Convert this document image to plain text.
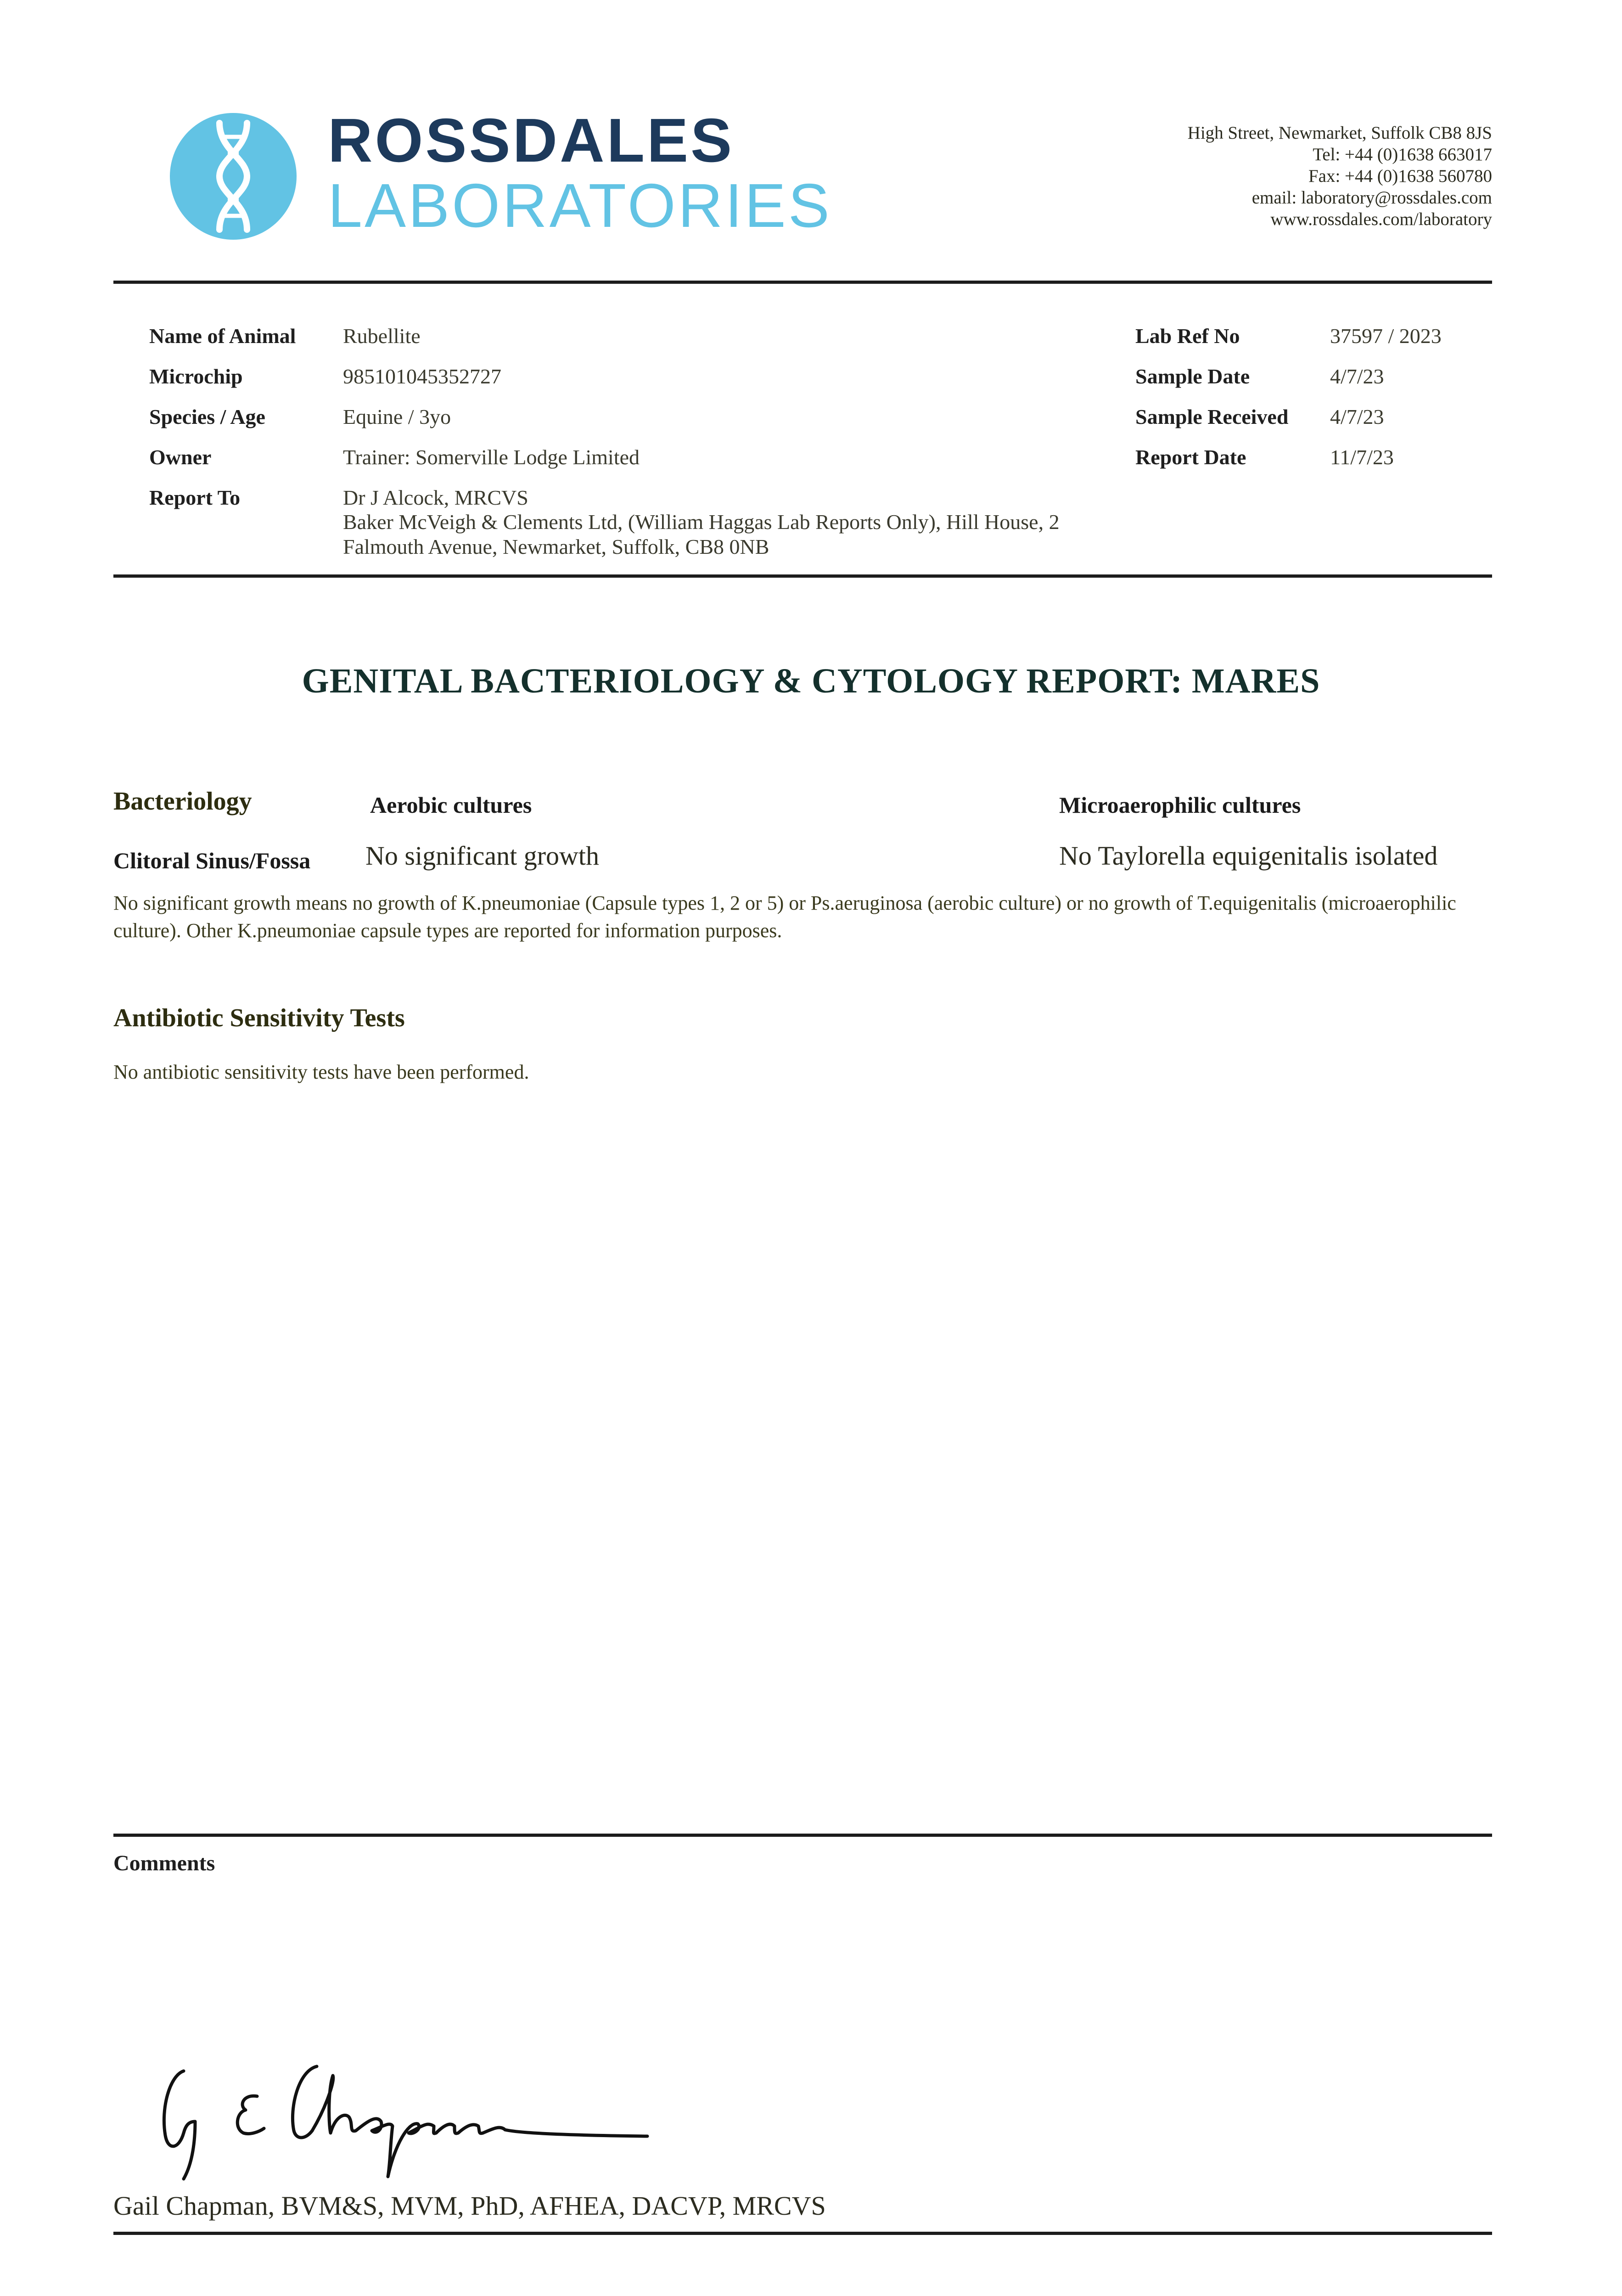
ROSSDALES
LABORATORIES
High Street, Newmarket, Suffolk CB8 8JS
Tel: +44 (0)1638 663017
Fax: +44 (0)1638 560780
email: laboratory@rossdales.com
www.rossdales.com/laboratory
Name of Animal Rubellite
Microchip	985101045352727
Species / Age	Equine / 3yo
Owner	Trainer: Somerville Lodge Limited
Report To	Dr J Alcock, MRCVS
Baker McVeigh & Clements Ltd, (William Haggas Lab Reports Only), Hill House, 2 Falmouth Avenue, Newmarket, Suffolk, CB8 0NB
Lab Ref No	37597 / 2023
Sample Date	4/7/23
Sample Received 4/7/23
Report Date	11/7/23
GENITAL BACTERIOLOGY & CYTOLOGY REPORT: MARES
Bacteriology	Aerobic cultures	Microaerophilic cultures
Clitoral Sinus/Fossa No significant growth	No Taylorella equigenitalis isolated
No significant growth means no growth of K.pneumoniae (Capsule types 1, 2 or 5) or Ps.aeruginosa (aerobic culture) or no growth of T.equigenitalis (microaerophilic culture). Other K.pneumoniae capsule types are reported for information purposes.
Antibiotic Sensitivity Tests
No antibiotic sensitivity tests have been performed.
Comments
Gail Chapman, BVM&S, MVM, PhD, AFHEA, DACVP, MRCVS
